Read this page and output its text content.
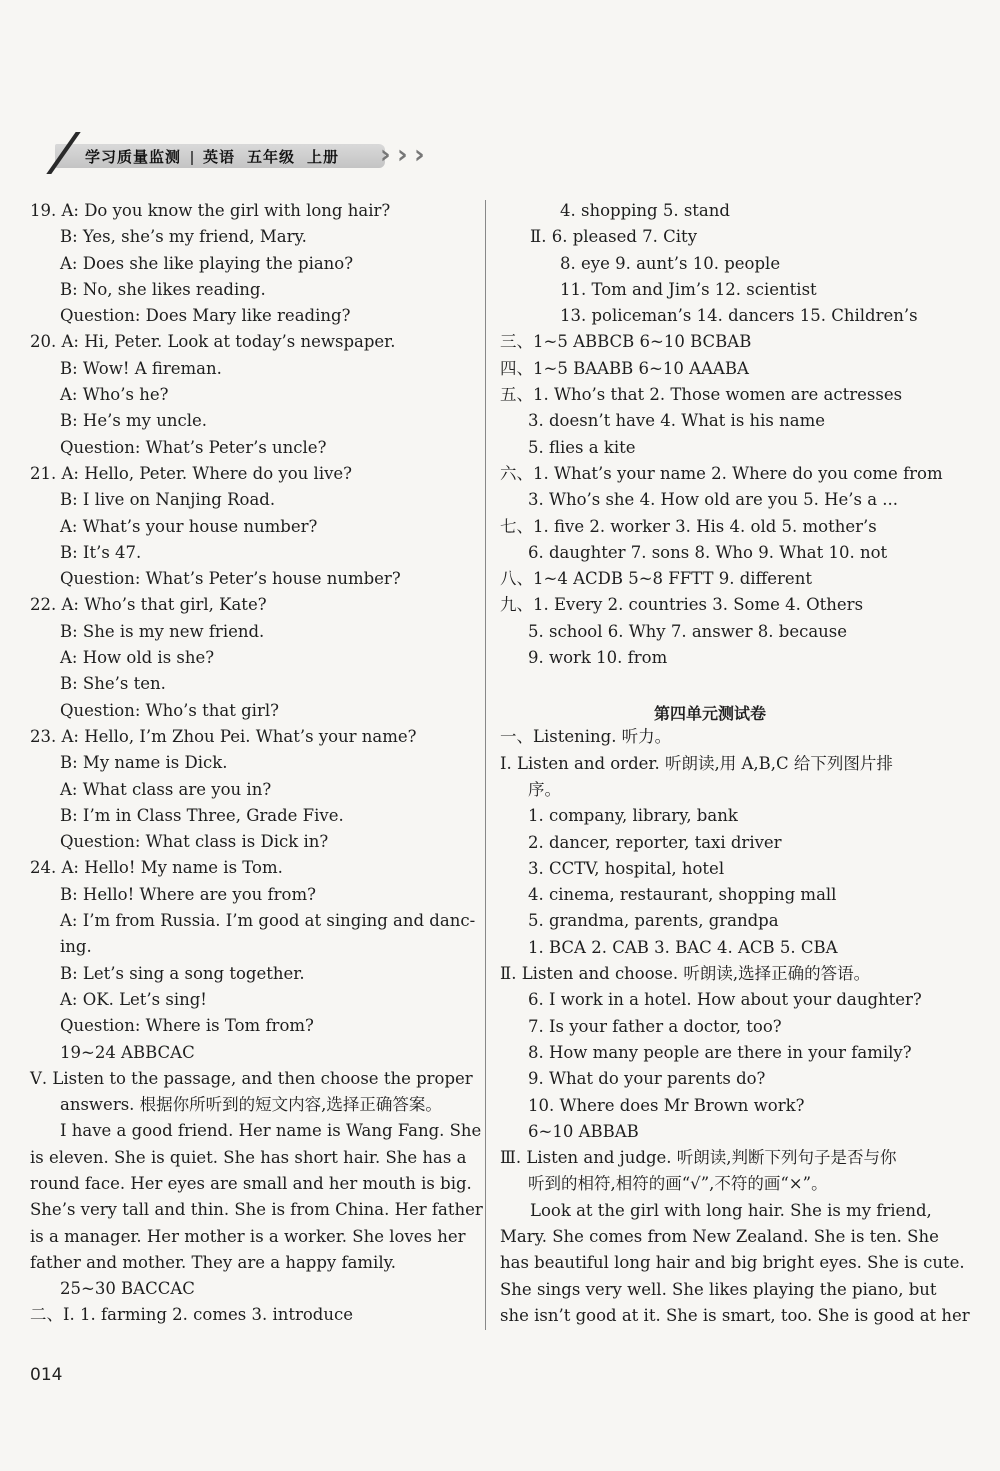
学习质量监测 英语 五年级 上册	› › ›
19. A: Do you know the girl with long hair?
B: Yes, she’s my friend, Mary.
A: Does she like playing the piano?
B: No, she likes reading.
Question: Does Mary like reading?
20. A: Hi, Peter. Look at today’s newspaper.
B: Wow! A fireman.
A: Who’s he?
B: He’s my uncle.
Question: What’s Peter’s uncle?
21. A: Hello, Peter. Where do you live?
B: I live on Nanjing Road.
A: What’s your house number?
B: It’s 47.
Question: What’s Peter’s house number?
22. A: Who’s that girl, Kate?
B: She is my new friend.
A: How old is she?
B: She’s ten.
Question: Who’s that girl?
23. A: Hello, I’m Zhou Pei. What’s your name?
B: My name is Dick.
A: What class are you in?
B: I’m in Class Three, Grade Five.
Question: What class is Dick in?
24. A: Hello! My name is Tom.
B: Hello! Where are you from?
A: I’m from Russia. I’m good at singing and danc-
ing.
B: Let’s sing a song together.
A: OK. Let’s sing!
Question: Where is Tom from?
19~24 ABBCAC
Ⅴ. Listen to the passage, and then choose the proper
answers. 根据你所听到的短文内容,选择正确答案。
I have a good friend. Her name is Wang Fang. She
is eleven. She is quiet. She has short hair. She has a
round face. Her eyes are small and her mouth is big.
She’s very tall and thin. She is from China. Her father
is a manager. Her mother is a worker. She loves her
father and mother. They are a happy family.
25~30 BACCAC
二、Ⅰ. 1. farming 2. comes 3. introduce
4. shopping 5. stand
Ⅱ. 6. pleased 7. City
8. eye 9. aunt’s 10. people
11. Tom and Jim’s 12. scientist
13. policeman’s 14. dancers 15. Children’s
三、1~5 ABBCB 6~10 BCBAB
四、1~5 BAABB 6~10 AAABA
五、1. Who’s that 2. Those women are actresses
3. doesn’t have 4. What is his name
5. flies a kite
六、1. What’s your name 2. Where do you come from
3. Who’s she 4. How old are you 5. He’s a ...
七、1. five 2. worker 3. His 4. old 5. mother’s
6. daughter 7. sons 8. Who 9. What 10. not
八、1~4 ACDB 5~8 FFTT 9. different
九、1. Every 2. countries 3. Some 4. Others
5. school 6. Why 7. answer 8. because
9. work 10. from
第四单元测试卷
一、Listening. 听力。
Ⅰ. Listen and order. 听朗读,用 A,B,C 给下列图片排
序。
1. company, library, bank
2. dancer, reporter, taxi driver
3. CCTV, hospital, hotel
4. cinema, restaurant, shopping mall
5. grandma, parents, grandpa
1. BCA 2. CAB 3. BAC 4. ACB 5. CBA
Ⅱ. Listen and choose. 听朗读,选择正确的答语。
6. I work in a hotel. How about your daughter?
7. Is your father a doctor, too?
8. How many people are there in your family?
9. What do your parents do?
10. Where does Mr Brown work?
6~10 ABBAB
Ⅲ. Listen and judge. 听朗读,判断下列句子是否与你
听到的相符,相符的画“√”,不符的画“×”。
Look at the girl with long hair. She is my friend,
Mary. She comes from New Zealand. She is ten. She
has beautiful long hair and big bright eyes. She is cute.
She sings very well. She likes playing the piano, but
she isn’t good at it. She is smart, too. She is good at her
014
